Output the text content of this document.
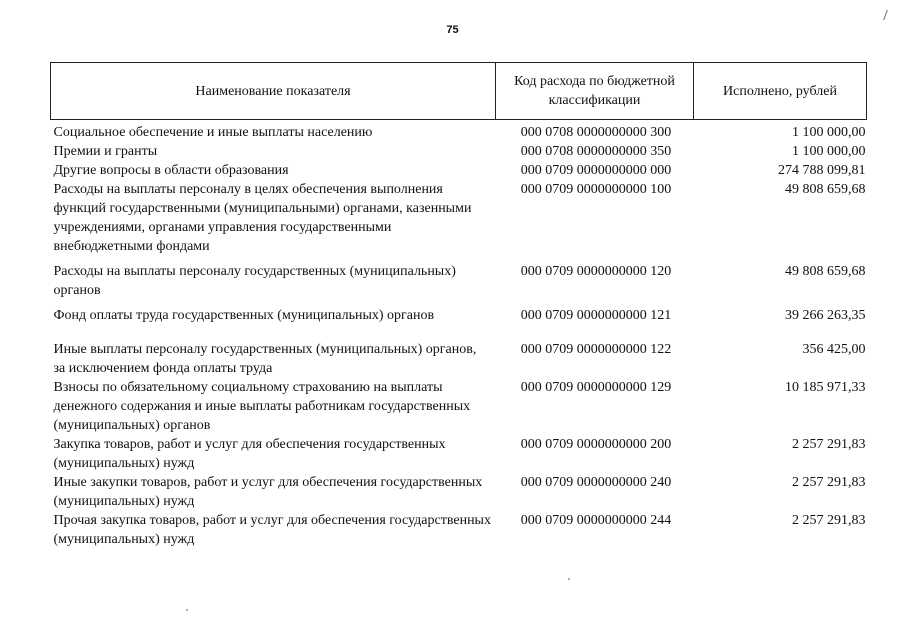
75
Наименование показателя	Код расхода по бюджетной классификации	Исполнено, рублей
Социальное обеспечение и иные выплаты населению	000 0708 0000000000 300	1 100 000,00
Премии и гранты	000 0708 0000000000 350	1 100 000,00
Другие вопросы в области образования	000 0709 0000000000 000	274 788 099,81
Расходы на выплаты персоналу в целях обеспечения выполнения функций государственными (муниципальными) органами, казенными учреждениями, органами управления государственными внебюджетными фондами	000 0709 0000000000 100	49 808 659,68
Расходы на выплаты персоналу государственных (муниципальных) органов	000 0709 0000000000 120	49 808 659,68
Фонд оплаты труда государственных (муниципальных) органов	000 0709 0000000000 121	39 266 263,35
Иные выплаты персоналу государственных (муниципальных) органов, за исключением фонда оплаты труда	000 0709 0000000000 122	356 425,00
Взносы по обязательному социальному страхованию на выплаты денежного содержания и иные выплаты работникам государственных (муниципальных) органов	000 0709 0000000000 129	10 185 971,33
Закупка товаров, работ и услуг для обеспечения государственных (муниципальных) нужд	000 0709 0000000000 200	2 257 291,83
Иные закупки товаров, работ и услуг для обеспечения государственных (муниципальных) нужд	000 0709 0000000000 240	2 257 291,83
Прочая закупка товаров, работ и услуг для обеспечения государственных (муниципальных) нужд	000 0709 0000000000 244	2 257 291,83
